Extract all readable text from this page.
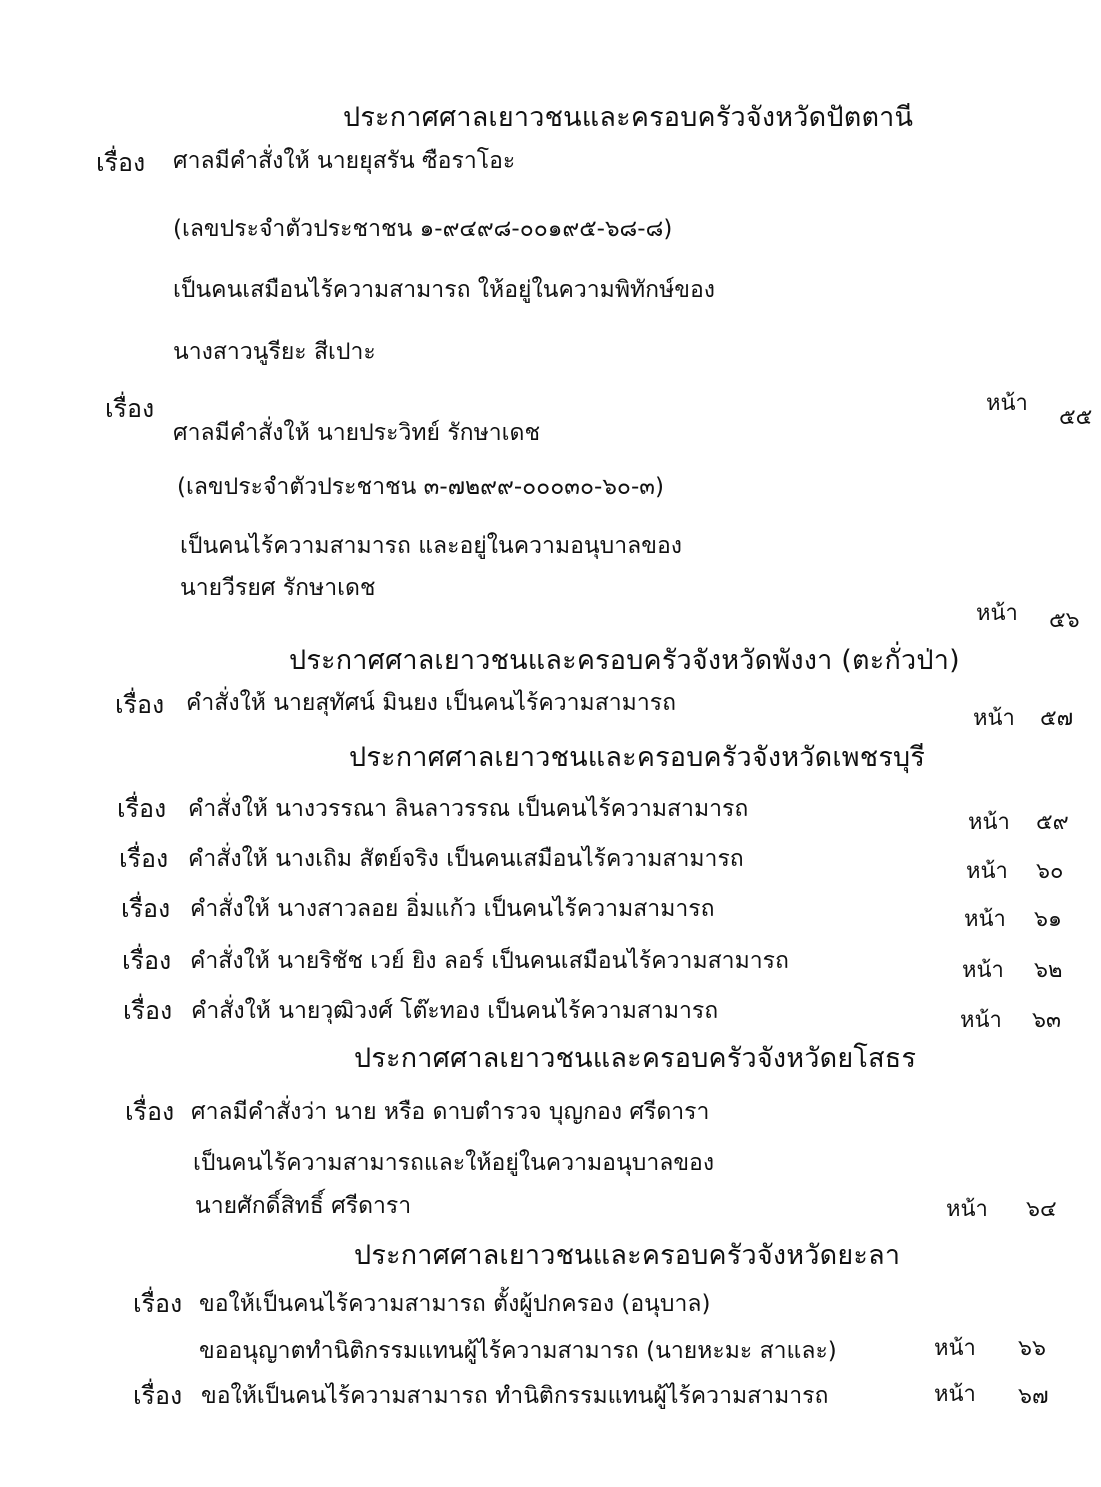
ประกาศศาลเยาวชนและครอบครัวจังหวัดปัตตานี
เรื่อง ศาลมีคำสั่งให้ นายยุสรัน ซือราโอะ
(เลขประจำตัวประชาชน ๑-๙๔๙๘-๐๐๑๙๕-๖๘-๘)
เป็นคนเสมือนไร้ความสามารถ ให้อยู่ในความพิทักษ์ของ
นางสาวนูรียะ สีเปาะ
หน้า
๕๕
เรื่อง
ศาลมีคำสั่งให้ นายประวิทย์ รักษาเดช
(เลขประจำตัวประชาชน ๓-๗๒๙๙-๐๐๐๓๐-๖๐-๓)
เป็นคนไร้ความสามารถ และอยู่ในความอนุบาลของ
นายวีรยศ รักษาเดช
หน้า ๕๖
ประกาศศาลเยาวชนและครอบครัวจังหวัดพังงา (ตะกั่วป่า)
เรื่อง คำสั่งให้ นายสุทัศน์ มินยง เป็นคนไร้ความสามารถ
หน้า ๕๗
ประกาศศาลเยาวชนและครอบครัวจังหวัดเพชรบุรี
เรื่อง คำสั่งให้ นางวรรณา ลินลาวรรณ เป็นคนไร้ความสามารถ
หน้า ๕๙
เรื่อง คำสั่งให้ นางเถิม สัตย์จริง เป็นคนเสมือนไร้ความสามารถ	หน้า ๖๐
เรื่อง คำสั่งให้ นางสาวลอย อิ่มแก้ว เป็นคนไร้ความสามารถ	หน้า ๖๑
เรื่อง คำสั่งให้ นายริชัช เวย์ ยิง ลอร์ เป็นคนเสมือนไร้ความสามารถ	หน้า ๖๒
เรื่อง คำสั่งให้ นายวุฒิวงศ์ โต๊ะทอง เป็นคนไร้ความสามารถ	หน้า ๖๓
ประกาศศาลเยาวชนและครอบครัวจังหวัดยโสธร
เรื่อง ศาลมีคำสั่งว่า นาย หรือ ดาบตำรวจ บุญกอง ศรีดารา
เป็นคนไร้ความสามารถและให้อยู่ในความอนุบาลของ
นายศักดิ์สิทธิ์ ศรีดารา	หน้า ๖๔
ประกาศศาลเยาวชนและครอบครัวจังหวัดยะลา
เรื่อง ขอให้เป็นคนไร้ความสามารถ ตั้งผู้ปกครอง (อนุบาล)
ขออนุญาตทำนิติกรรมแทนผู้ไร้ความสามารถ (นายหะมะ สาและ)	หน้า ๖๖
เรื่อง ขอให้เป็นคนไร้ความสามารถ ทำนิติกรรมแทนผู้ไร้ความสามารถ	หน้า ๖๗
